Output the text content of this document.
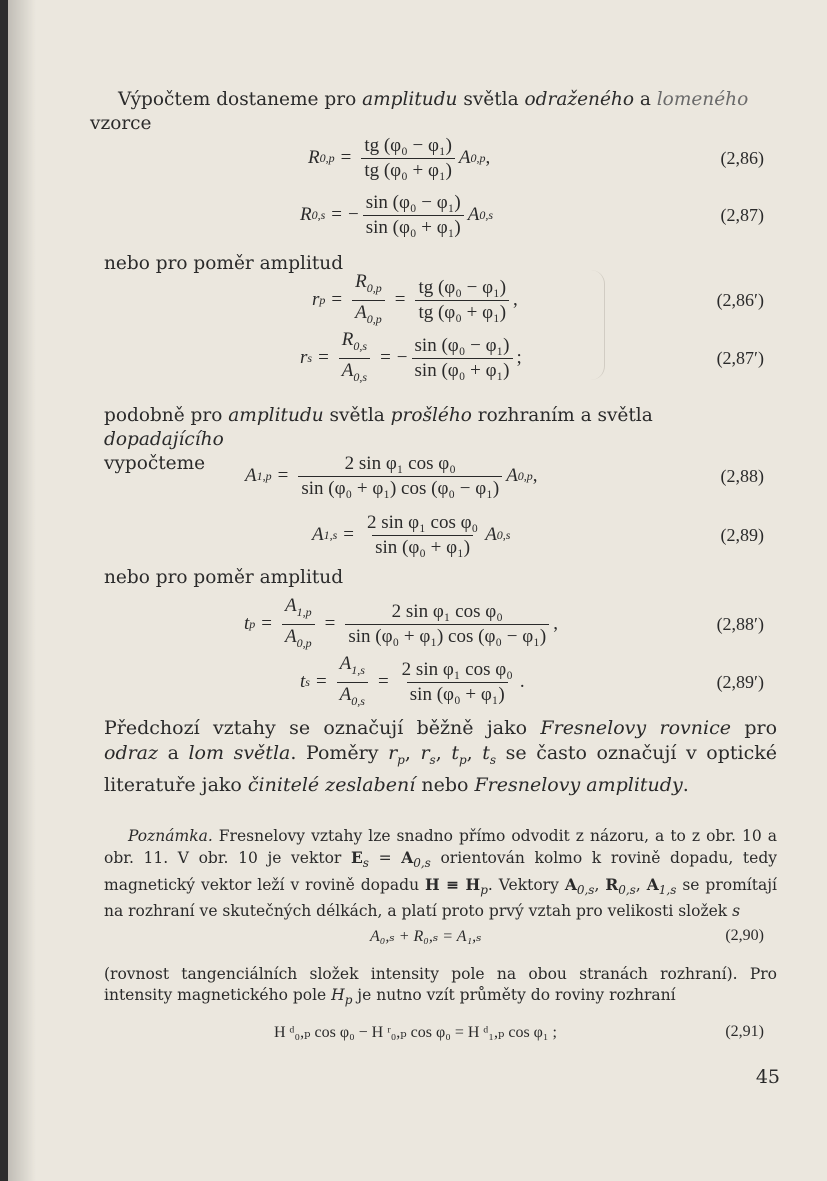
Výpočtem dostaneme pro amplitudu světla odraženého a lomeného
vzorce
R $0,p = \frac{\text{tg (φ₀ − φ₁)}}{\text{tg (φ₀ + φ₁)}}$ A 0,p ,	(2,86)
R 0,s = − $\frac{\text{sin (φ₀ − φ₁)}}{\text{sin (φ₀ + φ₁)}}$ A 0,s	(2,87)
nebo pro poměr amplitud
r $p = \frac{R_{0,p}}{A_{0,p}} = \frac{\text{tg (φ₀ − φ₁)}}{\text{tg (φ₀ + φ₁)}}$ ,	(2,86′)
r $s = \frac{R_{0,s}}{A_{0,s}}$ = − $\frac{\text{sin (φ₀ − φ₁)}}{\text{sin (φ₀ + φ₁)}}$ ;	(2,87′)
podobně pro amplitudu světla prošlého rozhraním a světla dopadajícího
vypočteme
A $1,p = \frac{\text{2 sin φ₁ cos φ₀}}{\text{sin (φ₀ + φ₁) cos (φ₀ − φ₁)}}$ A 0,p ,	(2,88)
A $1,s = \frac{\text{2 sin φ₁ cos φ₀}}{\text{sin (φ₀ + φ₁)}}$ A 0,s	(2,89)
nebo pro poměr amplitud
t $p = \frac{A_{1,p}}{A_{0,p}} = \frac{\text{2 sin φ₁ cos φ₀}}{\text{sin (φ₀ + φ₁) cos (φ₀ − φ₁)}}$ ,	(2,88′)
t $s = \frac{A_{1,s}}{A_{0,s}} = \frac{\text{2 sin φ₁ cos φ₀}}{\text{sin (φ₀ + φ₁)}}$ .	(2,89′)
Předchozí vztahy se označují běžně jako Fresnelovy rovnice pro odraz a lom světla. Poměry $r_p$, $r_s$, $t_p$, $t_s$ se často označují v optické literatuře jako činitelé zeslabení nebo Fresnelovy amplitudy.
Poznámka. Fresnelovy vztahy lze snadno přímo odvodit z názoru, a to z obr. 10 a obr. 11. V obr. 10 je vektor $E_s = A_{0,s}$ orientován kolmo k rovině dopadu, tedy magnetický vektor leží v rovině dopadu $H \equiv H_p$. Vektory $A_{0,s}$, $R_{0,s}$, $A_{1,s}$ se promítají na rozhraní ve skutečných délkách, a platí proto prvý vztah pro velikosti složek s
A₀,ₛ + R₀,ₛ = A₁,ₛ	(2,90)
(rovnost tangenciálních složek intensity pole na obou stranách rozhraní). Pro intensity magnetického pole $H_p$ je nutno vzít průměty do roviny rozhraní
H ᵈ₀,ₚ cos φ₀ − H ʳ₀,ₚ cos φ₀ = H ᵈ₁,ₚ cos φ₁ ;	(2,91)
45
